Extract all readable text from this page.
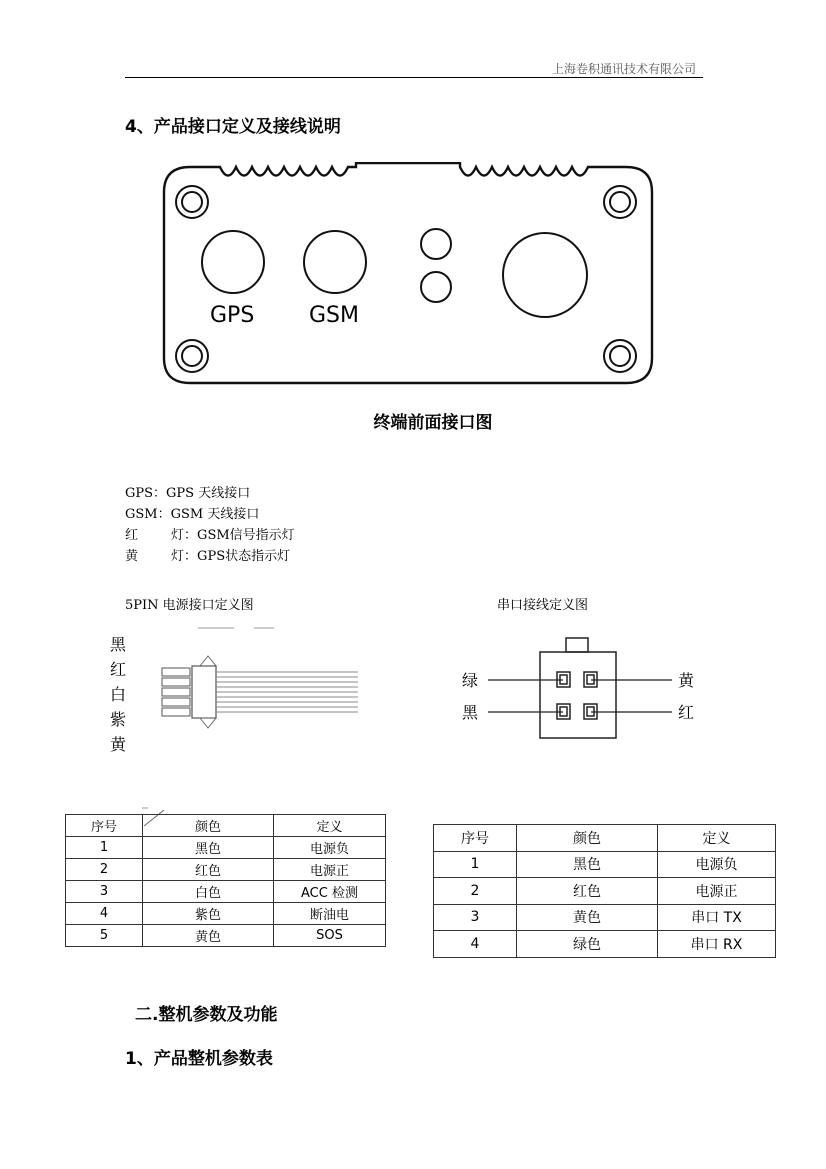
上海卷积通讯技术有限公司
4、产品接口定义及接线说明
GPS GSM
终端前面接口图
GPS：GPS 天线接口
GSM：GSM 天线接口
红        灯：GSM信号指示灯
黄        灯：GPS状态指示灯
5PIN 电源接口定义图	串口接线定义图
黑
红
白
紫
黄
绿
黑
黄
红
序号	颜色	定义
1	黑色	电源负
2	红色	电源正
3	白色	ACC 检测
4	紫色	断油电
5	黄色	SOS
序号	颜色	定义
1	黑色	电源负
2	红色	电源正
3	黄色	串口 TX
4	绿色	串口 RX
二.整机参数及功能
1、产品整机参数表
